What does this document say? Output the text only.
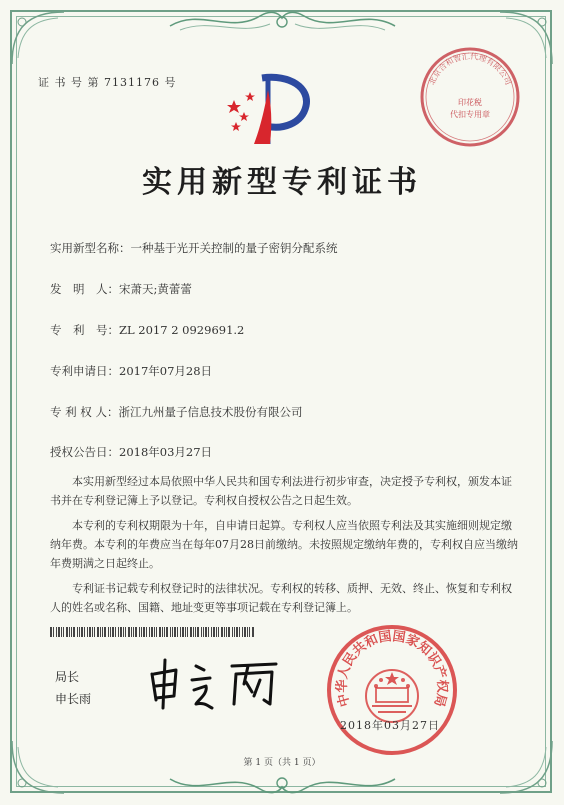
证 书 号 第 7131176 号	北京合和智汇代理有限公司
印花税
代扣专用章
实用新型专利证书
实用新型名称：一种基于光开关控制的量子密钥分配系统
发　明　人：宋萧天;黄蕾蕾
专　利　号：ZL 2017 2 0929691.2
专利申请日：2017年07月28日
专 利 权 人：浙江九州量子信息技术股份有限公司
授权公告日：2018年03月27日

本实用新型经过本局依照中华人民共和国专利法进行初步审查，决定授予专利权，颁发本证书并在专利登记簿上予以登记。专利权自授权公告之日起生效。

本专利的专利权期限为十年，自申请日起算。专利权人应当依照专利法及其实施细则规定缴纳年费。本专利的年费应当在每年07月28日前缴纳。未按照规定缴纳年费的，专利权自应当缴纳年费期满之日起终止。

专利证书记载专利权登记时的法律状况。专利权的转移、质押、无效、终止、恢复和专利权人的姓名或名称、国籍、地址变更等事项记载在专利登记簿上。

局长
申长雨	中华人民共和国国家知识产权局
2018年03月27日
第 1 页（共 1 页）
